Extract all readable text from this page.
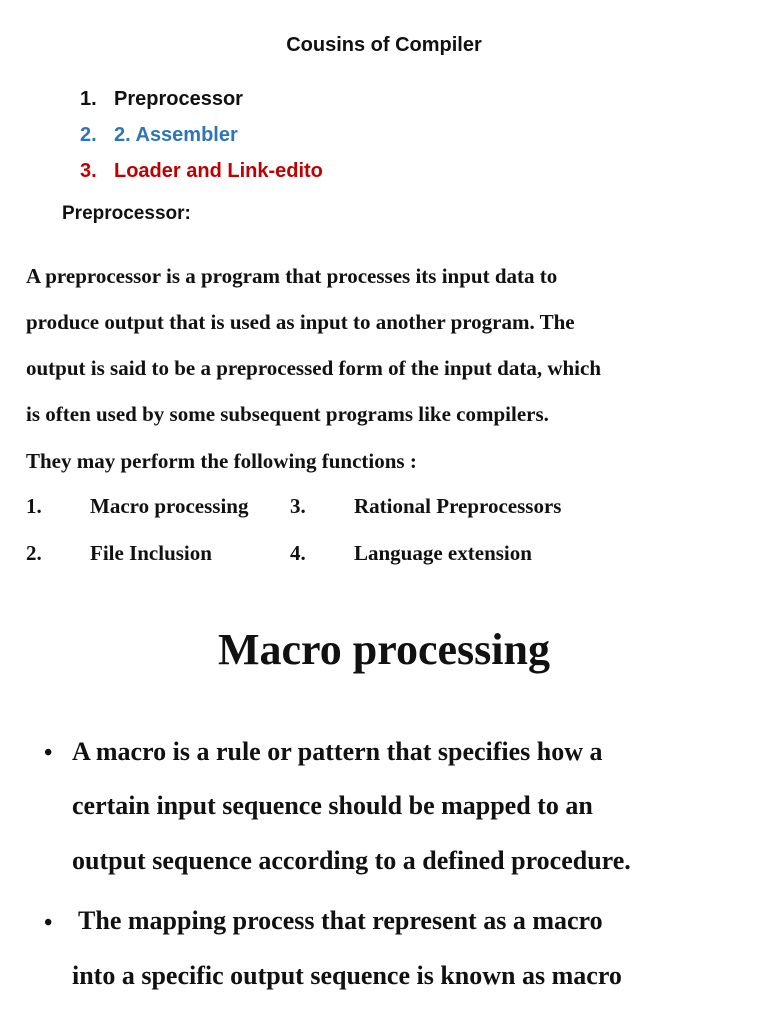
Cousins of Compiler
1. Preprocessor
2. 2. Assembler
3. Loader and Link-edito
Preprocessor:
A preprocessor is a program that processes its input data to
produce output that is used as input to another program. The
output is said to be a preprocessed form of the input data, which
is often used by some subsequent programs like compilers.
They may perform the following functions :
1. Macro processing 3. Rational Preprocessors
2. File Inclusion	4. Language extension
Macro processing
• A macro is a rule or pattern that specifies how a
certain input sequence should be mapped to an
output sequence according to a defined procedure.
• The mapping process that represent as a macro
into a specific output sequence is known as macro
